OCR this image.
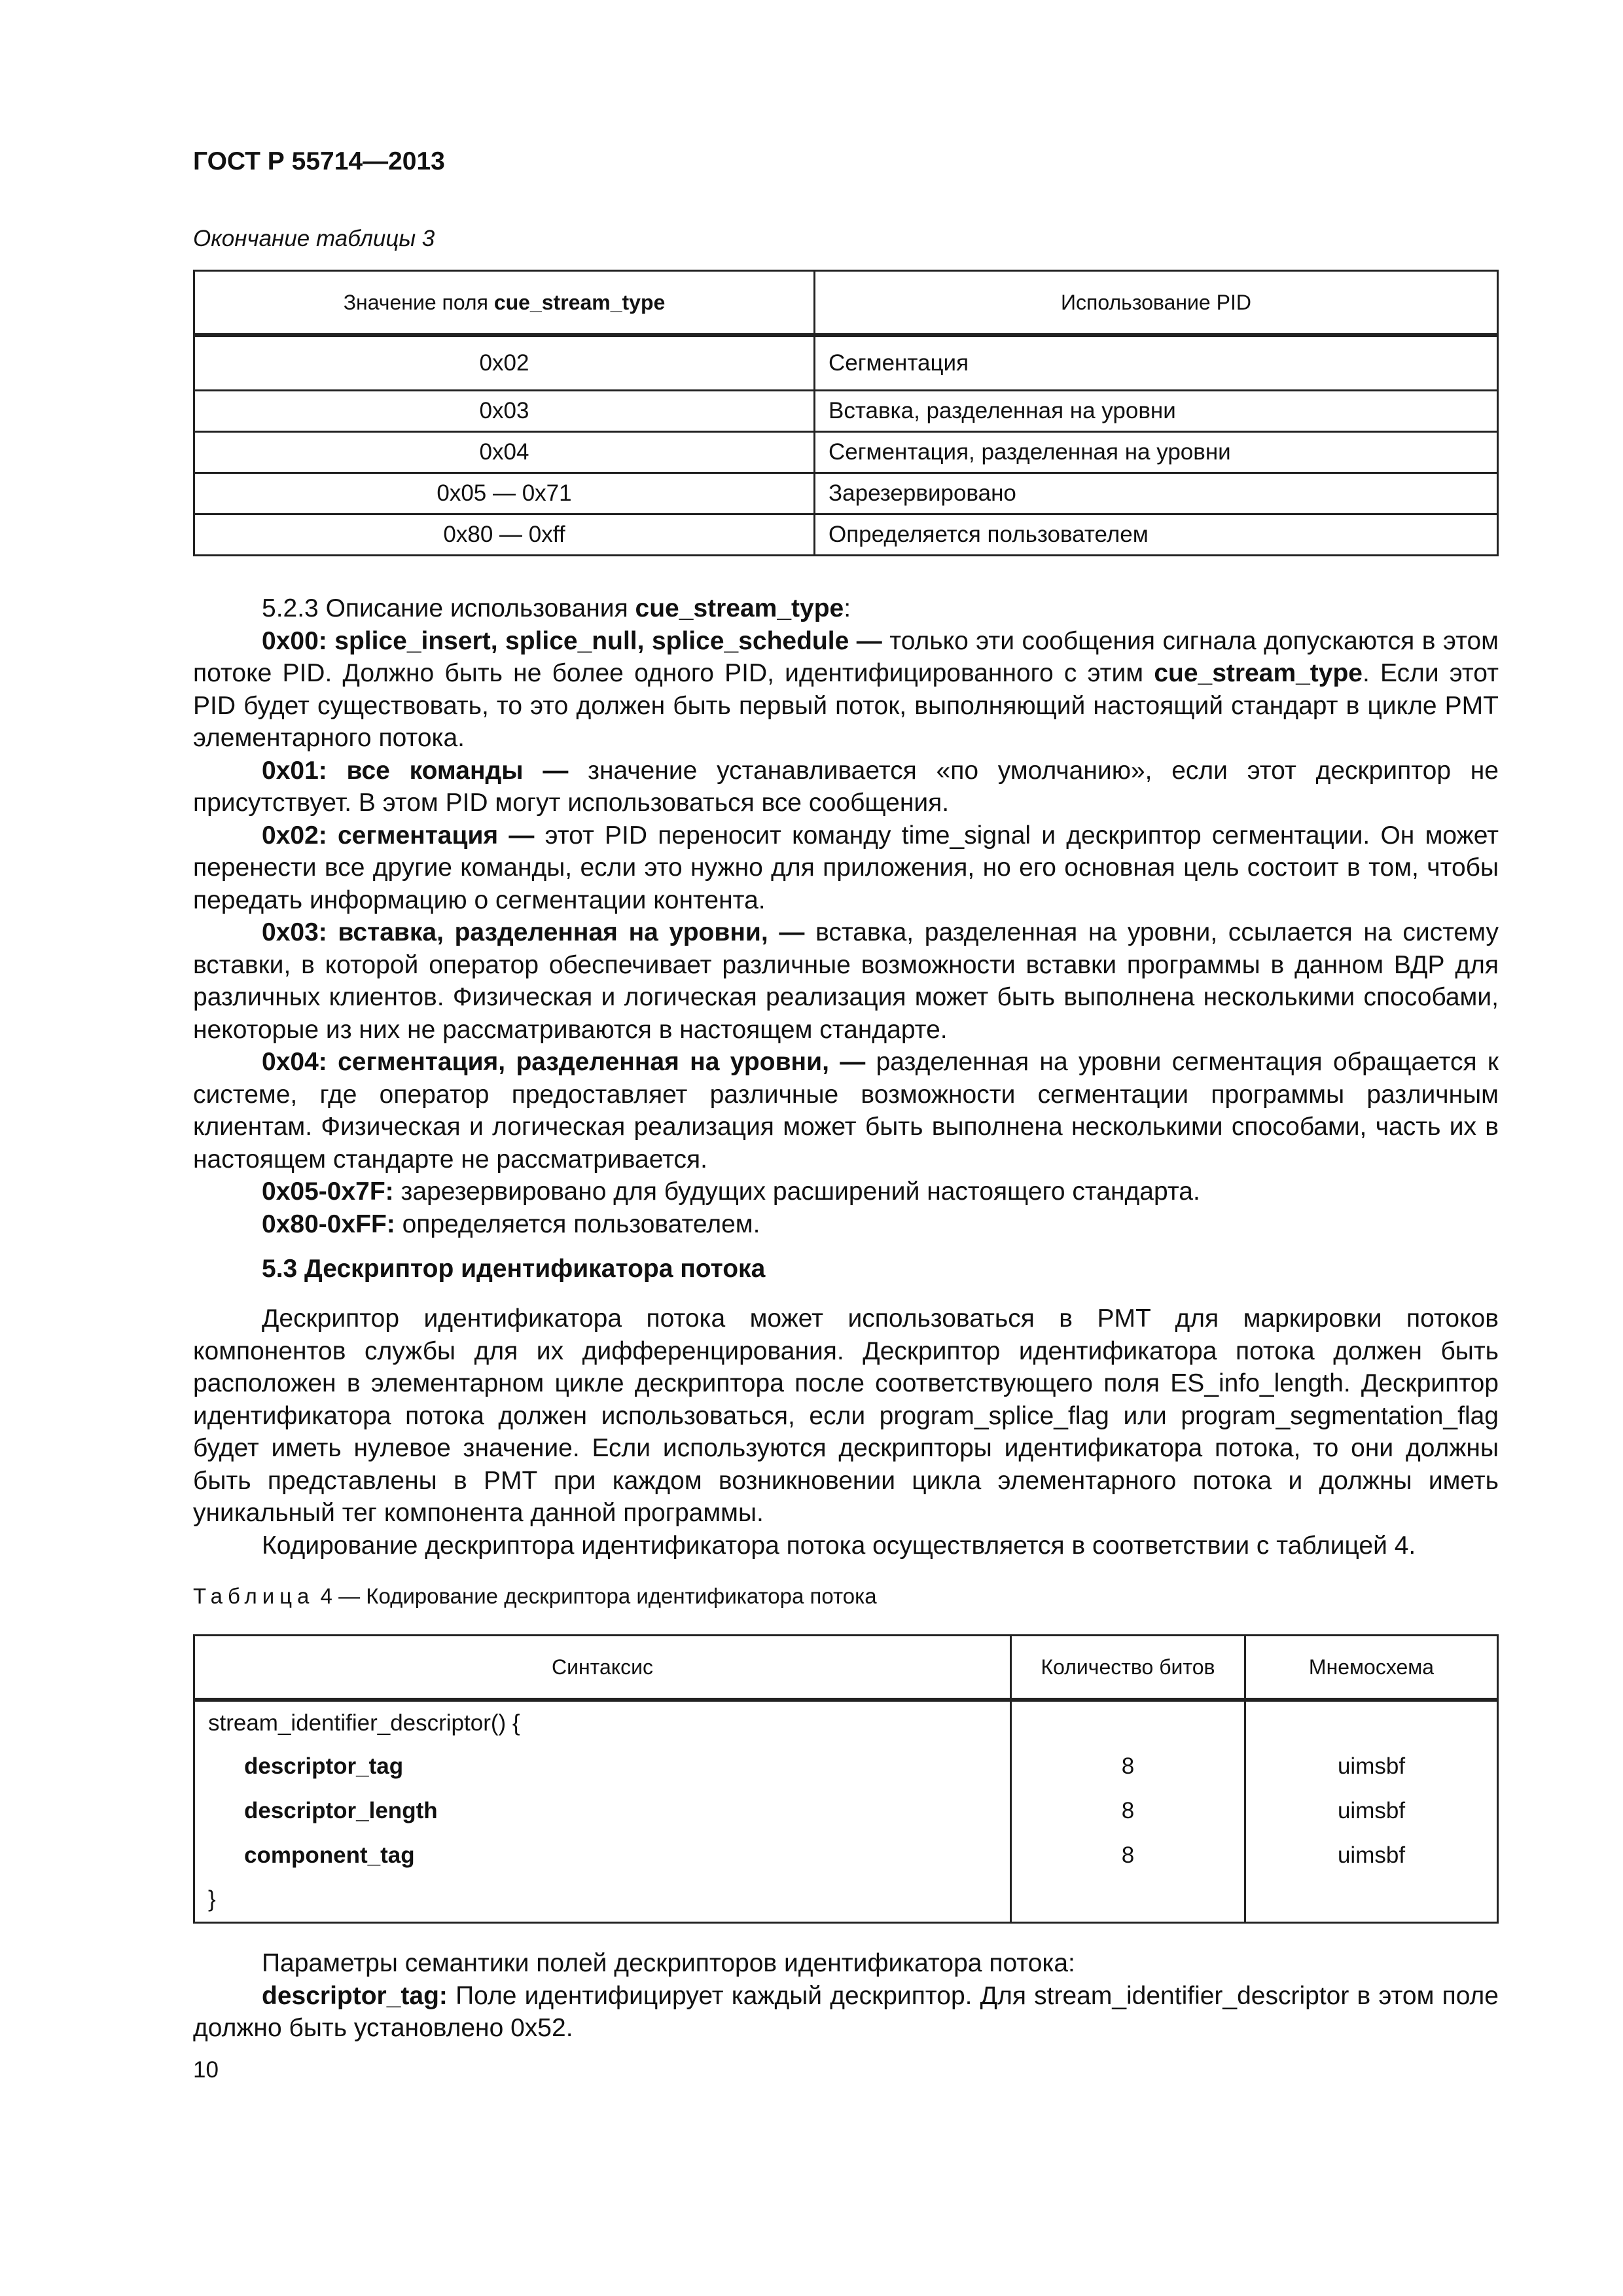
ГОСТ Р 55714—2013
Окончание таблицы 3
Значение поля cue_stream_type	Использование PID
0x02	Сегментация
0x03	Вставка, разделенная на уровни
0x04	Сегментация, разделенная на уровни
0x05 — 0x71	Зарезервировано
0x80 — 0xff	Определяется пользователем

5.2.3 Описание использования cue_stream_type:

0x00: splice_insert, splice_null, splice_schedule — только эти сообщения сигнала допускаются в этом потоке PID. Должно быть не более одного PID, идентифицированного с этим cue_stream_type. Если этот PID будет существовать, то это должен быть первый поток, выполняющий настоящий стандарт в цикле PMT элементарного потока.

0x01: все команды — значение устанавливается «по умолчанию», если этот дескриптор не присутствует. В этом PID могут использоваться все сообщения.

0x02: сегментация — этот PID переносит команду time_signal и дескриптор сегментации. Он может перенести все другие команды, если это нужно для приложения, но его основная цель состоит в том, чтобы передать информацию о сегментации контента.

0x03: вставка, разделенная на уровни, — вставка, разделенная на уровни, ссылается на систему вставки, в которой оператор обеспечивает различные возможности вставки программы в данном ВДР для различных клиентов. Физическая и логическая реализация может быть выполнена несколькими способами, некоторые из них не рассматриваются в настоящем стандарте.

0x04: сегментация, разделенная на уровни, — разделенная на уровни сегментация обращается к системе, где оператор предоставляет различные возможности сегментации программы различным клиентам. Физическая и логическая реализация может быть выполнена несколькими способами, часть их в настоящем стандарте не рассматривается.

0x05-0x7F: зарезервировано для будущих расширений настоящего стандарта.

0x80-0xFF: определяется пользователем.

5.3 Дескриптор идентификатора потока

Дескриптор идентификатора потока может использоваться в PMT для маркировки потоков компонентов службы для их дифференцирования. Дескриптор идентификатора потока должен быть расположен в элементарном цикле дескриптора после соответствующего поля ES_info_length. Дескриптор идентификатора потока должен использоваться, если program_splice_flag или program_segmentation_flag будет иметь нулевое значение. Если используются дескрипторы идентификатора потока, то они должны быть представлены в PMT при каждом возникновении цикла элементарного потока и должны иметь уникальный тег компонента данной программы.

Кодирование дескриптора идентификатора потока осуществляется в соответствии с таблицей 4.

Таблица 4 — Кодирование дескриптора идентификатора потока
Синтаксис	Количество битов	Мнемосхема
stream_identifier_descriptor() {		
descriptor_tag	8	uimsbf
descriptor_length	8	uimsbf
component_tag	8	uimsbf
}		

Параметры семантики полей дескрипторов идентификатора потока:

descriptor_tag: Поле идентифицирует каждый дескриптор. Для stream_identifier_descriptor в этом поле должно быть установлено 0x52.

10
